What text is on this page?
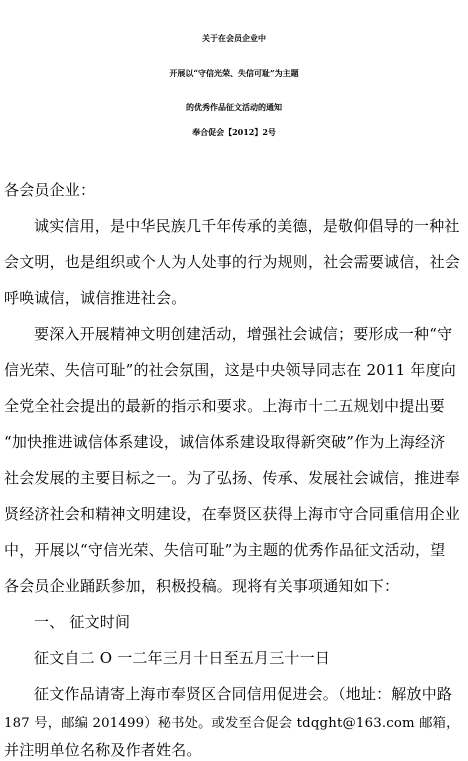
关于在会员企业中
开展以“守信光荣、失信可耻”为主题
的优秀作品征文活动的通知
奉合促会【2012】2号
各会员企业：
诚实信用，是中华民族几千年传承的美德，是敬仰倡导的一种社
会文明，也是组织或个人为人处事的行为规则，社会需要诚信，社会
呼唤诚信，诚信推进社会。
要深入开展精神文明创建活动，增强社会诚信；要形成一种“守
信光荣、失信可耻”的社会氛围，这是中央领导同志在 2011 年度向
全党全社会提出的最新的指示和要求。上海市十二五规划中提出要
“加快推进诚信体系建设，诚信体系建设取得新突破”作为上海经济
社会发展的主要目标之一。为了弘扬、传承、发展社会诚信，推进奉
贤经济社会和精神文明建设，在奉贤区获得上海市守合同重信用企业
中，开展以“守信光荣、失信可耻”为主题的优秀作品征文活动，望
各会员企业踊跃参加，积极投稿。现将有关事项通知如下：
一、 征文时间
征文自二 O 一二年三月十日至五月三十一日
征文作品请寄上海市奉贤区合同信用促进会。（地址：解放中路
187 号，邮编 201499）秘书处。或发至合促会 tdqght@163.com 邮箱，
并注明单位名称及作者姓名。
